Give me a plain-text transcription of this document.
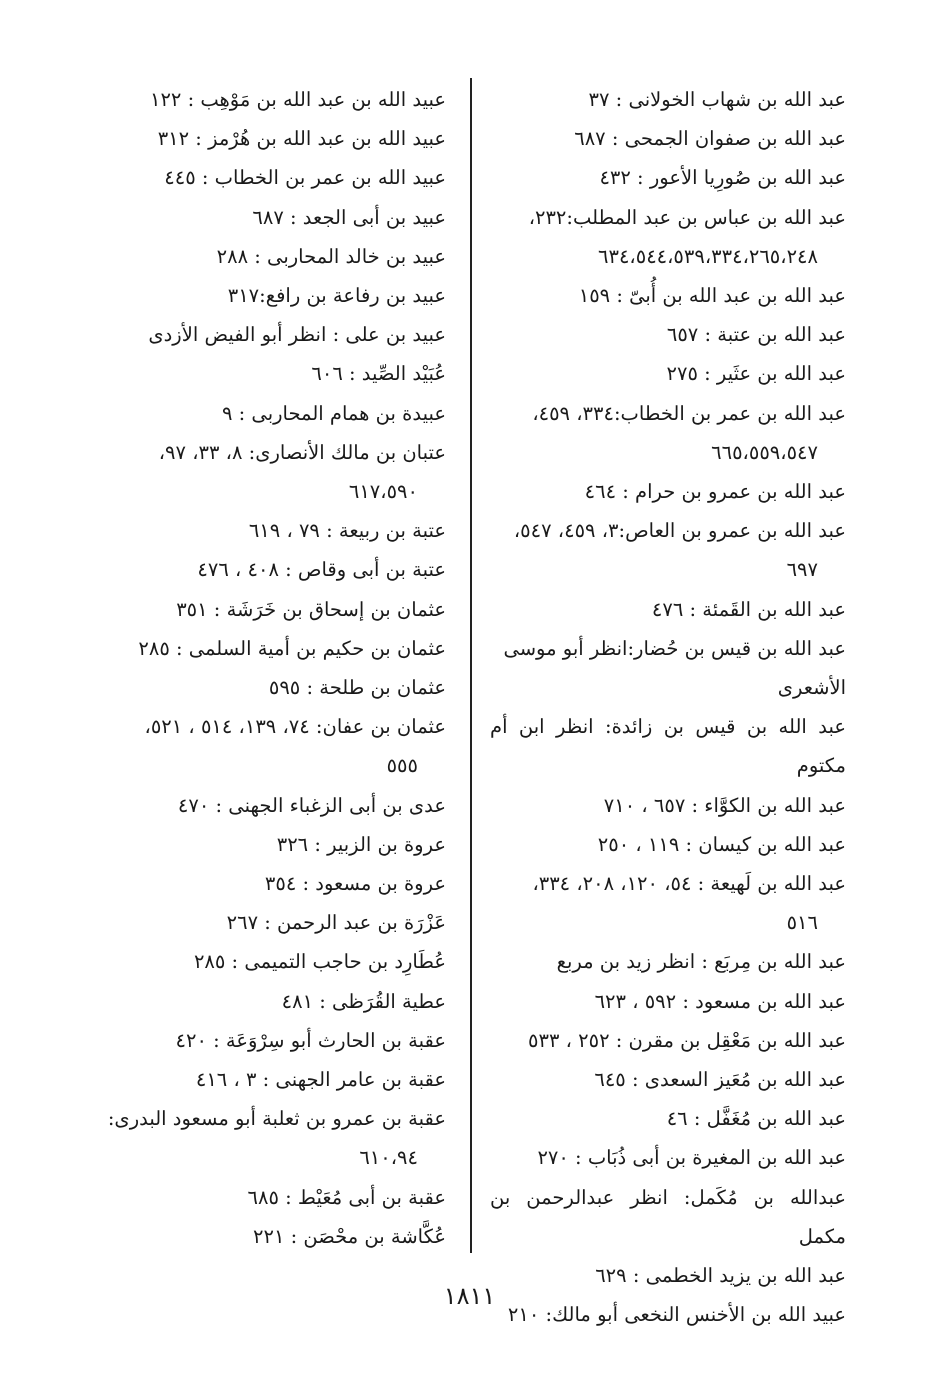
عبد الله بن شهاب الخولانى : ٣٧
عبد الله بن صفوان الجمحى : ٦٨٧
عبد الله بن صُورِيا الأعور : ٤٣٢
عبد الله بن عباس بن عبد المطلب:٢٣٢،
٦٣٤،٥٤٤،٥٣٩،٣٣٤،٢٦٥،٢٤٨
عبد الله بن عبد الله بن أُبىّ : ١٥٩
عبد الله بن عتبة : ٦٥٧
عبد الله بن عثَير : ٢٧٥
عبد الله بن عمر بن الخطاب:٣٣٤، ٤٥٩،
٦٦٥،٥٥٩،٥٤٧
عبد الله بن عمرو بن حرام : ٤٦٤
عبد الله بن عمرو بن العاص:٣، ٤٥٩، ٥٤٧،
٦٩٧
عبد الله بن القَمئة : ٤٧٦
عبد الله بن قيس بن حُضار:انظر أبو موسى
الأشعرى
عبد الله بن قيس بن زائدة: انظر ابن أم مكتوم
عبد الله بن الكوَّاء : ٦٥٧ ، ٧١٠
عبد الله بن كيسان : ١١٩ ، ٢٥٠
عبد الله بن لَهيعة : ٥٤، ١٢٠، ٢٠٨، ٣٣٤،
٥١٦
عبد الله بن مِربَع : انظر زيد بن مربع
عبد الله بن مسعود : ٥٩٢ ، ٦٢٣
عبد الله بن مَعْقِل بن مقرن : ٢٥٢ ، ٥٣٣
عبد الله بن مُعَيز السعدى : ٦٤٥
عبد الله بن مُغَفَّل : ٤٦
عبد الله بن المغيرة بن أبى ذُبَاب : ٢٧٠
عبدالله بن مُكَمل: انظر عبدالرحمن بن مكمل
عبد الله بن يزيد الخطمى : ٦٢٩
عبيد الله بن الأخنس النخعى أبو مالك: ٢١٠
عبيد الله بن عبد الله بن مَوْهِب : ١٢٢
عبيد الله بن عبد الله بن هُرْمز : ٣١٢
عبيد الله بن عمر بن الخطاب : ٤٤٥
عبيد بن أبى الجعد : ٦٨٧
عبيد بن خالد المحاربى : ٢٨٨
عبيد بن رفاعة بن رافع:٣١٧
عبيد بن على : انظر أبو الفيض الأزدى
عُبَيْد الصِّيد : ٦٠٦
عبيدة بن همام المحاربى : ٩
عتبان بن مالك الأنصارى: ٨، ٣٣، ٩٧،
٦١٧،٥٩٠
عتبة بن ربيعة : ٧٩ ، ٦١٩
عتبة بن أبى وقاص : ٤٠٨ ، ٤٧٦
عثمان بن إسحاق بن خَرَشَة : ٣٥١
عثمان بن حكيم بن أمية السلمى : ٢٨٥
عثمان بن طلحة : ٥٩٥
عثمان بن عفان: ٧٤، ١٣٩، ٥١٤ ، ٥٢١،
٥٥٥
عدى بن أبى الزغباء الجهنى : ٤٧٠
عروة بن الزبير : ٣٢٦
عروة بن مسعود : ٣٥٤
عَزْرَة بن عبد الرحمن : ٢٦٧
عُطَارِد بن حاجب التميمى : ٢٨٥
عطية القُرَظى : ٤٨١
عقبة بن الحارث أبو سِرْوَعَة : ٤٢٠
عقبة بن عامر الجهنى : ٣ ، ٤١٦
عقبة بن عمرو بن ثعلبة أبو مسعود البدرى:
٦١٠،٩٤
عقبة بن أبى مُعَيْط : ٦٨٥
عُكَّاشة بن محْصَن : ٢٢١
١٨١١
